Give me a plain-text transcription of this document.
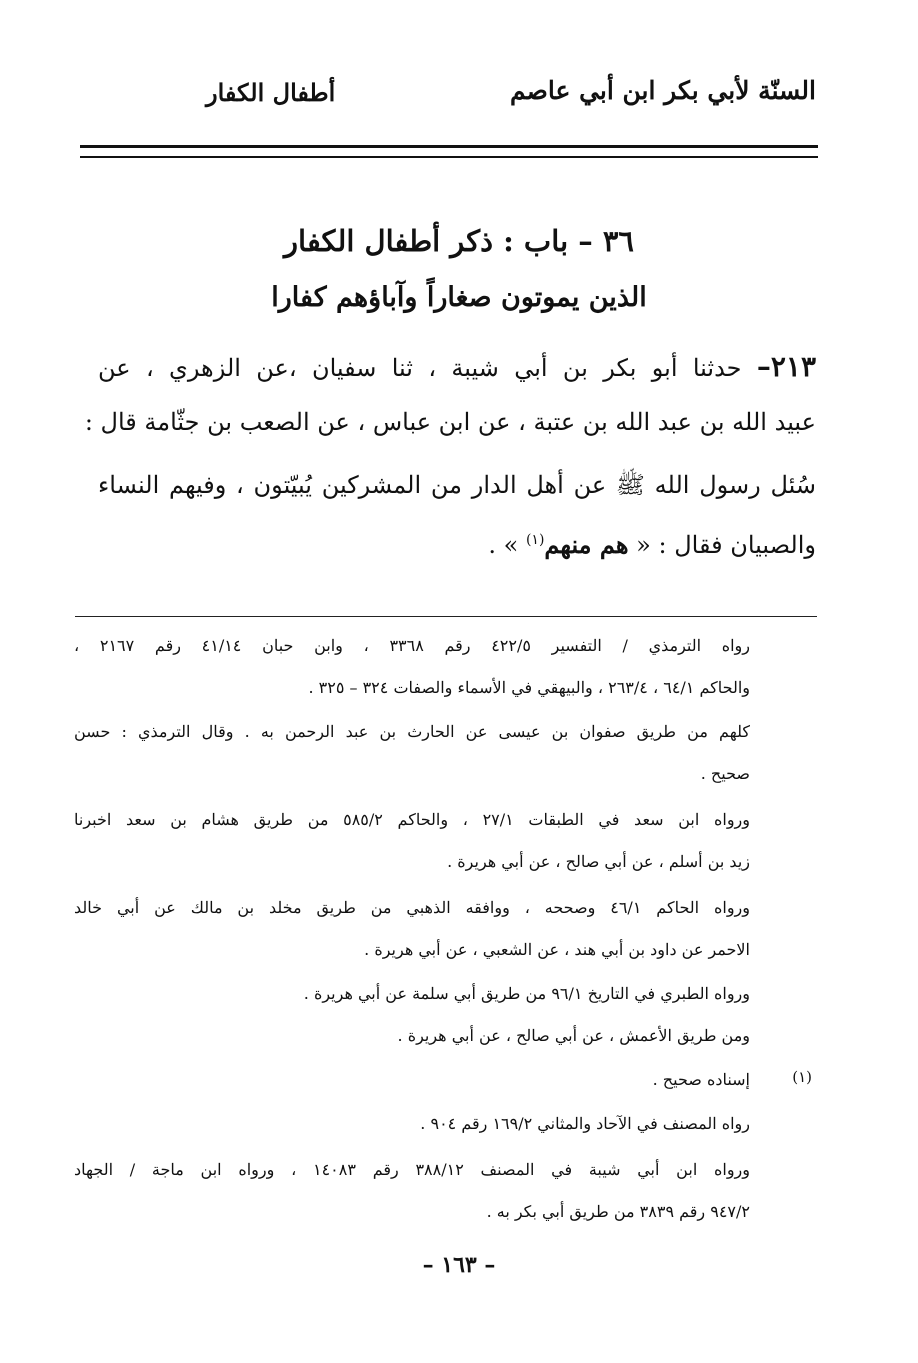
السنّة لأبي بكر ابن أبي عاصم
أطفال الكفار
٣٦ – باب : ذكر أطفال الكفار
الذين يموتون صغاراً وآباؤهم كفارا
٢١٣– حدثنا أبو بكر بن أبي شيبة ، ثنا سفيان ،عن الزهري ، عن
عبيد الله بن عبد الله بن عتبة ، عن ابن عباس ، عن الصعب بن جثّامة قال :
سُئل رسول الله ﷺ عن أهل الدار من المشركين يُبيّتون ، وفيهم النساء
والصبيان فقال : « هم منهم$^{(١)}$ » .
رواه الترمذي / التفسير ٤٢٢/٥ رقم ٣٣٦٨ ، وابن حبان ٤١/١٤ رقم ٢١٦٧ ،
والحاكم ٦٤/١ ، ٢٦٣/٤ ، والبيهقي في الأسماء والصفات ٣٢٤ – ٣٢٥ .
كلهم من طريق صفوان بن عيسى عن الحارث بن عبد الرحمن به . وقال الترمذي : حسن
صحيح .
ورواه ابن سعد في الطبقات ٢٧/١ ، والحاكم ٥٨٥/٢ من طريق هشام بن سعد اخبرنا
زيد بن أسلم ، عن أبي صالح ، عن أبي هريرة .
ورواه الحاكم ٤٦/١ وصححه ، ووافقه الذهبي من طريق مخلد بن مالك عن أبي خالد
الاحمر عن داود بن أبي هند ، عن الشعبي ، عن أبي هريرة .
ورواه الطبري في التاريخ ٩٦/١ من طريق أبي سلمة عن أبي هريرة .
ومن طريق الأعمش ، عن أبي صالح ، عن أبي هريرة .
(١)
إسناده صحيح .
رواه المصنف في الآحاد والمثاني ١٦٩/٢ رقم ٩٠٤ .
ورواه ابن أبي شيبة في المصنف ٣٨٨/١٢ رقم ١٤٠٨٣ ، ورواه ابن ماجة / الجهاد
٩٤٧/٢ رقم ٣٨٣٩ من طريق أبي بكر به .
– ١٦٣ –
